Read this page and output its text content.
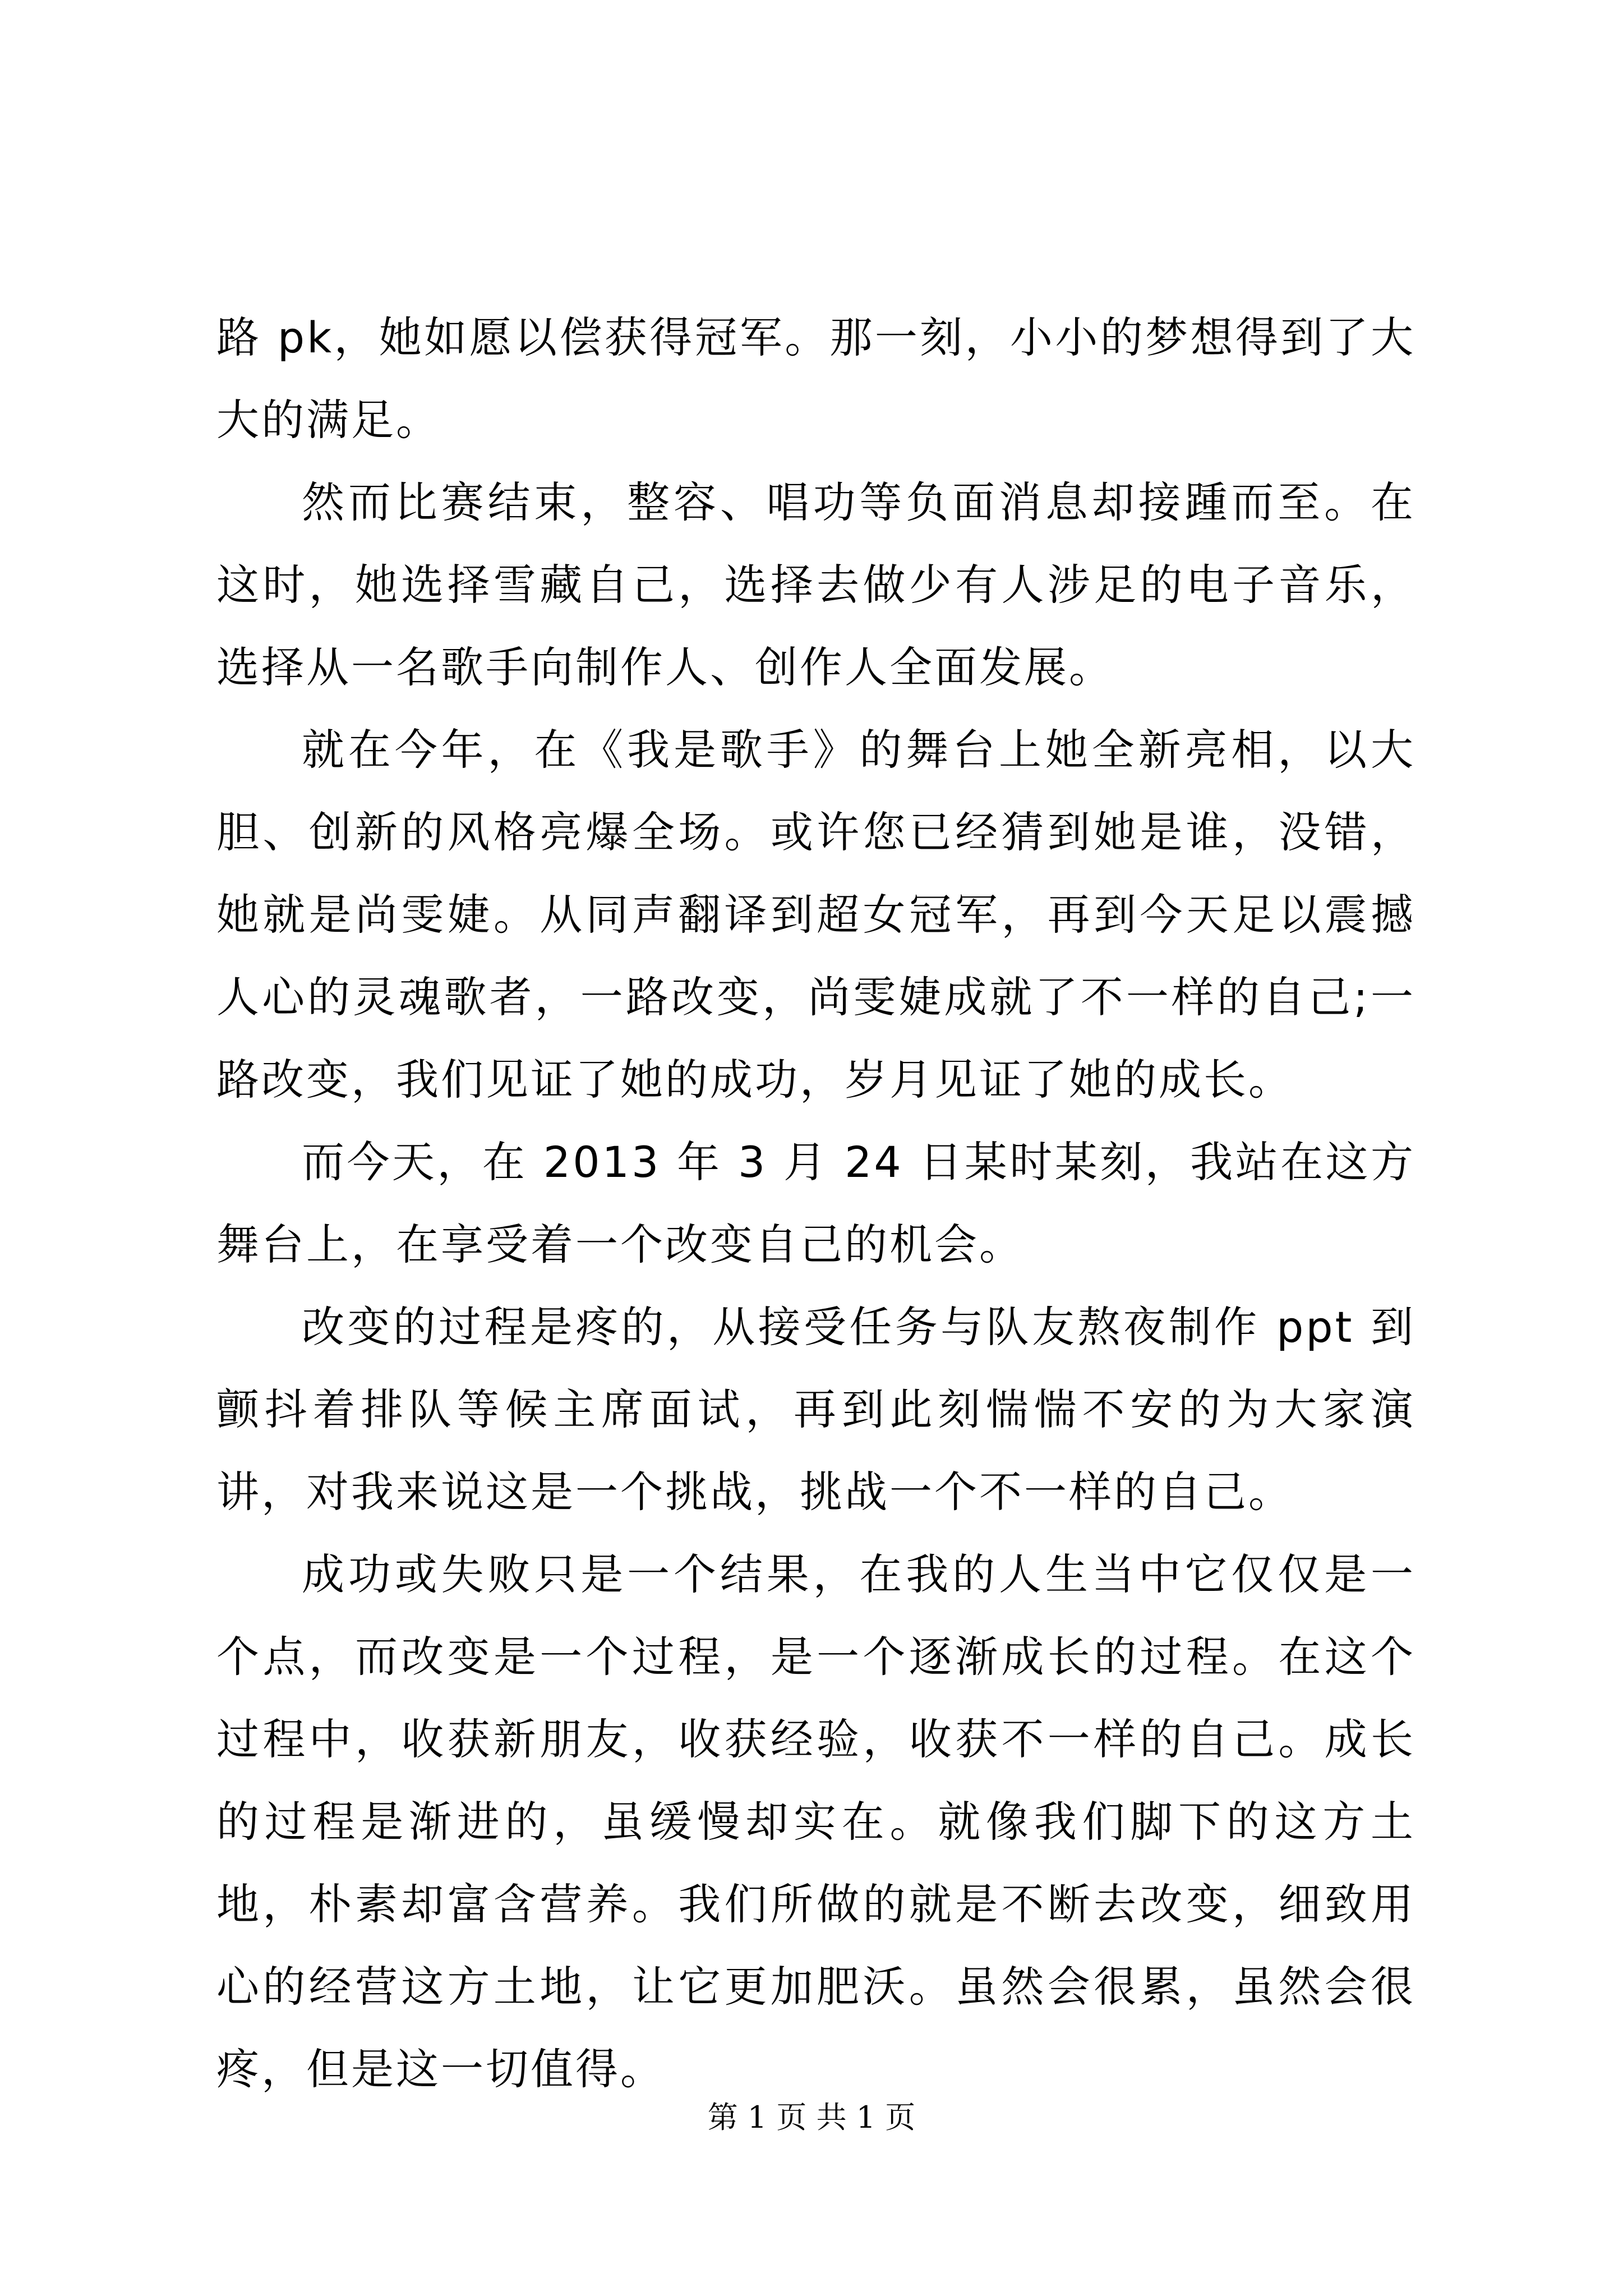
路 pk，她如愿以偿获得冠军。那一刻，小小的梦想得到了大大的满足。

然而比赛结束，整容、唱功等负面消息却接踵而至。在这时，她选择雪藏自己，选择去做少有人涉足的电子音乐，选择从一名歌手向制作人、创作人全面发展。

就在今年，在《我是歌手》的舞台上她全新亮相，以大胆、创新的风格亮爆全场。或许您已经猜到她是谁，没错，她就是尚雯婕。从同声翻译到超女冠军，再到今天足以震撼人心的灵魂歌者，一路改变，尚雯婕成就了不一样的自己;一路改变，我们见证了她的成功，岁月见证了她的成长。

而今天，在 2013 年 3 月 24 日某时某刻，我站在这方舞台上，在享受着一个改变自己的机会。

改变的过程是疼的，从接受任务与队友熬夜制作 ppt 到颤抖着排队等候主席面试，再到此刻惴惴不安的为大家演讲，对我来说这是一个挑战，挑战一个不一样的自己。

成功或失败只是一个结果，在我的人生当中它仅仅是一个点，而改变是一个过程，是一个逐渐成长的过程。在这个过程中，收获新朋友，收获经验，收获不一样的自己。成长的过程是渐进的，虽缓慢却实在。就像我们脚下的这方土地，朴素却富含营养。我们所做的就是不断去改变，细致用心的经营这方土地，让它更加肥沃。虽然会很累，虽然会很疼，但是这一切值得。

第 1 页 共 1 页
